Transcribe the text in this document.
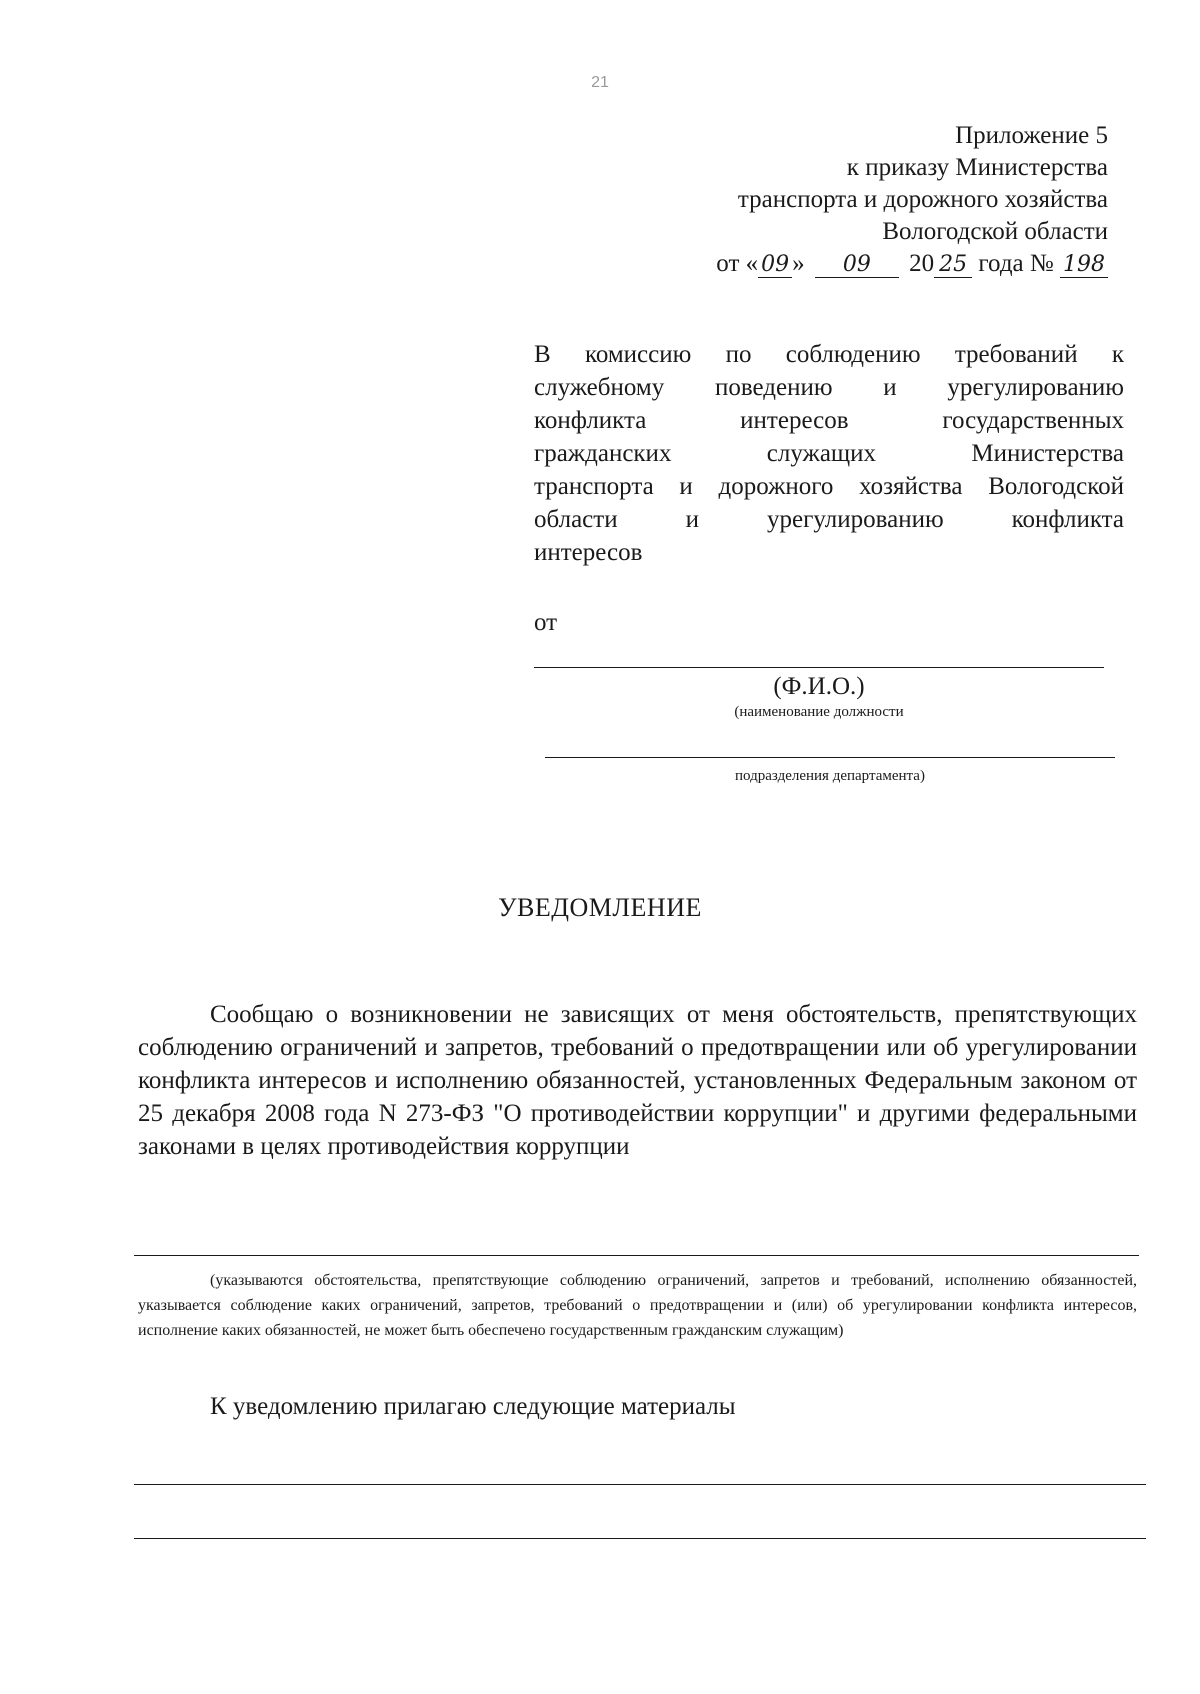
21
Приложение 5
к приказу Министерства
транспорта и дорожного хозяйства
Вологодской области
от « 09 » 09 20 25 года № 198
В комиссию по соблюдению требований к
служебному поведению и урегулированию
конфликта интересов государственных
гражданских служащих Министерства
транспорта и дорожного хозяйства Вологодской
области и урегулированию конфликта
интересов
от
(Ф.И.О.)
(наименование должности
подразделения департамента)
УВЕДОМЛЕНИЕ
Сообщаю о возникновении не зависящих от меня обстоятельств, препятствующих соблюдению ограничений и запретов, требований о предотвращении или об урегулировании конфликта интересов и исполнению обязанностей, установленных Федеральным законом от 25 декабря 2008 года N 273-ФЗ "О противодействии коррупции" и другими федеральными законами в целях противодействия коррупции
(указываются обстоятельства, препятствующие соблюдению ограничений, запретов и требований, исполнению обязанностей, указывается соблюдение каких ограничений, запретов, требований о предотвращении и (или) об урегулировании конфликта интересов, исполнение каких обязанностей, не может быть обеспечено государственным гражданским служащим)
К уведомлению прилагаю следующие материалы
